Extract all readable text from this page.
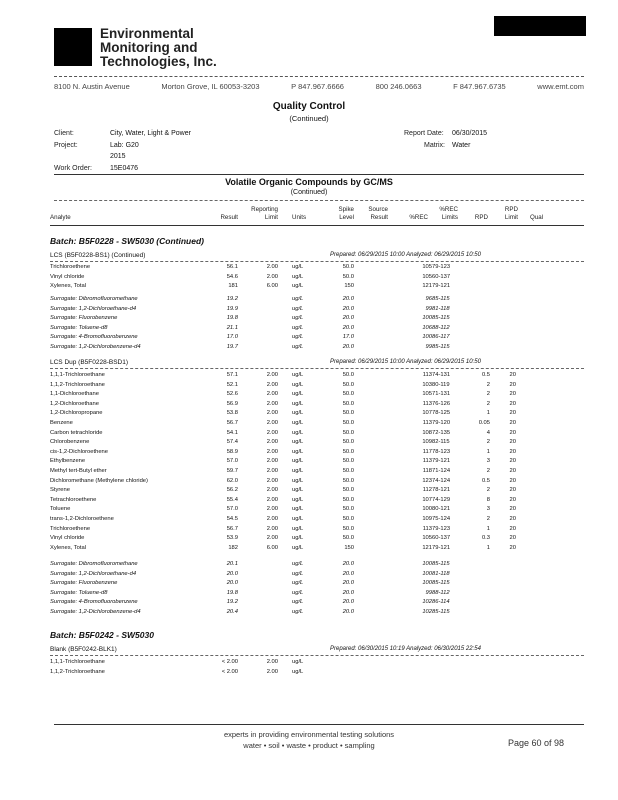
Environmental
Monitoring and
Technologies, Inc.
8100 N. Austin Avenue	Morton Grove, IL 60053-3203	P 847.967.6666	800 246.0663	F 847.967.6735	www.emt.com
Quality Control
(Continued)
Client:	City, Water, Light & Power
Project:	Lab: G20
2015
Work Order:	15E0476
Report Date: 06/30/2015
Matrix: Water
Volatile Organic Compounds by GC/MS
(Continued)
Analyte	Result
Reporting
Limit Units
Spike
Level
Source
Result	%REC
%REC
Limits	RPD
RPD
Limit Qual
Batch: B5F0228 - SW5030 (Continued)
LCS (B5F0228-BS1) (Continued)	Prepared: 06/29/2015 10:00 Analyzed: 06/29/2015 10:50
Trichloroethene	56.1	2.00 ug/L	50.0	105 79-123
Vinyl chloride	54.6	2.00 ug/L	50.0	105 60-137
Xylenes, Total	181	6.00 ug/L	150	121 79-121
Surrogate: Dibromofluoromethane	19.2	ug/L	20.0	96 85-115
Surrogate: 1,2-Dichloroethane-d4	19.9	ug/L	20.0	99 81-118
Surrogate: Fluorobenzene	19.8	ug/L	20.0	100 85-115
Surrogate: Toluene-d8	21.1	ug/L	20.0	106 88-112
Surrogate: 4-Bromofluorobenzene	17.0	ug/L	17.0	100 86-117
Surrogate: 1,2-Dichlorobenzene-d4	19.7	ug/L	20.0	99 85-115
LCS Dup (B5F0228-BSD1)	Prepared: 06/29/2015 10:00 Analyzed: 06/29/2015 10:50
1,1,1-Trichloroethane	57.1	2.00 ug/L	50.0	113 74-131	0.5	20
1,1,2-Trichloroethane	52.1	2.00 ug/L	50.0	103 80-119	2	20
1,1-Dichloroethane	52.6	2.00 ug/L	50.0	105 71-131	2	20
1,2-Dichloroethane	56.9	2.00 ug/L	50.0	113 76-126	2	20
1,2-Dichloropropane	53.8	2.00 ug/L	50.0	107 78-125	1	20
Benzene	56.7	2.00 ug/L	50.0	113 79-120	0.05	20
Carbon tetrachloride	54.1	2.00 ug/L	50.0	108 72-135	4	20
Chlorobenzene	57.4	2.00 ug/L	50.0	109 82-115	2	20
cis-1,2-Dichloroethene	58.9	2.00 ug/L	50.0	117 78-123	1	20
Ethylbenzene	57.0	2.00 ug/L	50.0	113 79-121	3	20
Methyl tert-Butyl ether	59.7	2.00 ug/L	50.0	118 71-124	2	20
Dichloromethane (Methylene chloride)	62.0	2.00 ug/L	50.0	123 74-124	0.5	20
Styrene	56.2	2.00 ug/L	50.0	112 78-121	2	20
Tetrachloroethene	55.4	2.00 ug/L	50.0	107 74-129	8	20
Toluene	57.0	2.00 ug/L	50.0	100 80-121	3	20
trans-1,2-Dichloroethene	54.5	2.00 ug/L	50.0	109 75-124	2	20
Trichloroethene	56.7	2.00 ug/L	50.0	113 79-123	1	20
Vinyl chloride	53.9	2.00 ug/L	50.0	105 60-137	0.3	20
Xylenes, Total	182	6.00 ug/L	150	121 79-121	1	20
Surrogate: Dibromofluoromethane	20.1	ug/L	20.0	100 85-115
Surrogate: 1,2-Dichloroethane-d4	20.0	ug/L	20.0	100 81-118
Surrogate: Fluorobenzene	20.0	ug/L	20.0	100 85-115
Surrogate: Toluene-d8	19.8	ug/L	20.0	99 88-112
Surrogate: 4-Bromofluorobenzene	19.2	ug/L	20.0	102 86-114
Surrogate: 1,2-Dichlorobenzene-d4	20.4	ug/L	20.0	102 85-115
Batch: B5F0242 - SW5030
Blank (B5F0242-BLK1)	Prepared: 06/30/2015 10:19 Analyzed: 06/30/2015 22:54
1,1,1-Trichloroethane	< 2.00	2.00 ug/L
1,1,2-Trichloroethane	< 2.00	2.00 ug/L
experts in providing environmental testing solutions
water • soil • waste • product • sampling	Page 60 of 98
